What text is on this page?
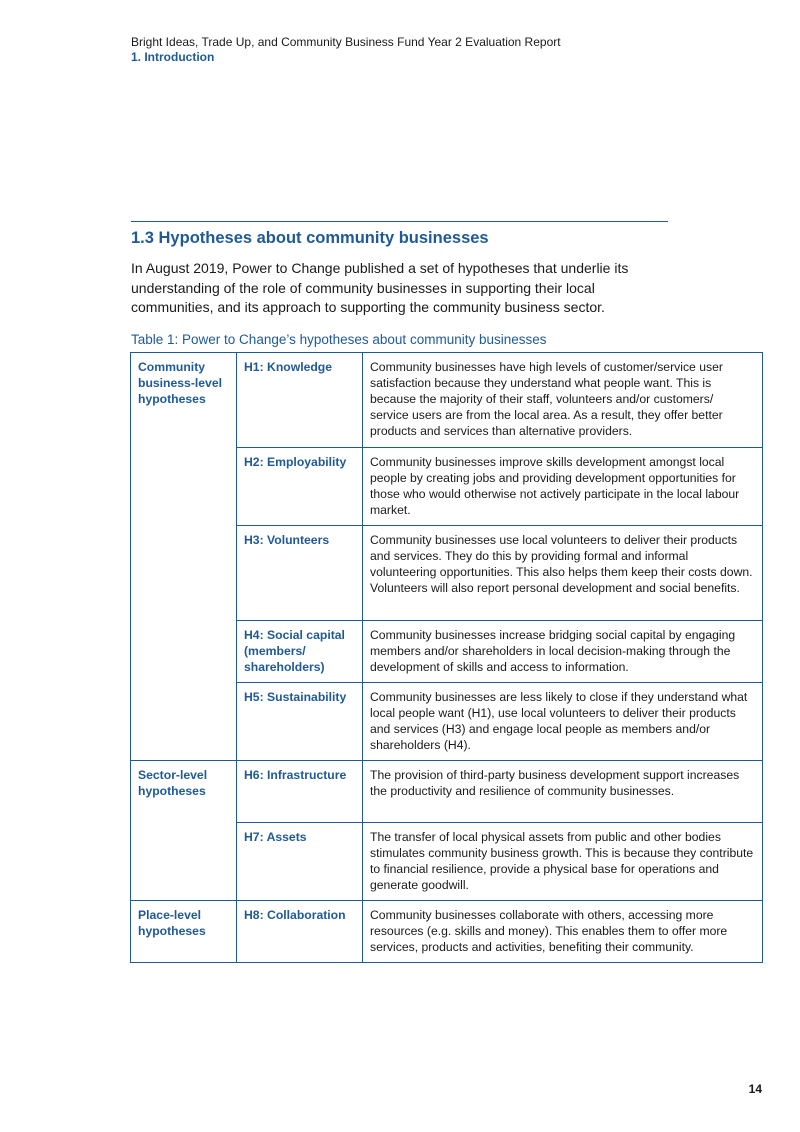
Bright Ideas, Trade Up, and Community Business Fund Year 2 Evaluation Report
1. Introduction
1.3 Hypotheses about community businesses

In August 2019, Power to Change published a set of hypotheses that underlie its understanding of the role of community businesses in supporting their local communities, and its approach to supporting the community business sector.

Table 1: Power to Change’s hypotheses about community businesses

Community business-level hypotheses	H1: Knowledge	Community businesses have high levels of customer/service user satisfaction because they understand what people want. This is because the majority of their staff, volunteers and/or customers/ service users are from the local area. As a result, they offer better products and services than alternative providers.
	H2: Employability	Community businesses improve skills development amongst local people by creating jobs and providing development opportunities for those who would otherwise not actively participate in the local labour market.
	H3: Volunteers	Community businesses use local volunteers to deliver their products and services. They do this by providing formal and informal volunteering opportunities. This also helps them keep their costs down. Volunteers will also report personal development and social benefits.
	H4: Social capital (members/ shareholders)	Community businesses increase bridging social capital by engaging members and/or shareholders in local decision-making through the development of skills and access to information.
	H5: Sustainability	Community businesses are less likely to close if they understand what local people want (H1), use local volunteers to deliver their products and services (H3) and engage local people as members and/or shareholders (H4).
Sector-level hypotheses	H6: Infrastructure	The provision of third-party business development support increases the productivity and resilience of community businesses.
	H7: Assets	The transfer of local physical assets from public and other bodies stimulates community business growth. This is because they contribute to financial resilience, provide a physical base for operations and generate goodwill.
Place-level hypotheses	H8: Collaboration	Community businesses collaborate with others, accessing more resources (e.g. skills and money). This enables them to offer more services, products and activities, benefiting their community.
14
